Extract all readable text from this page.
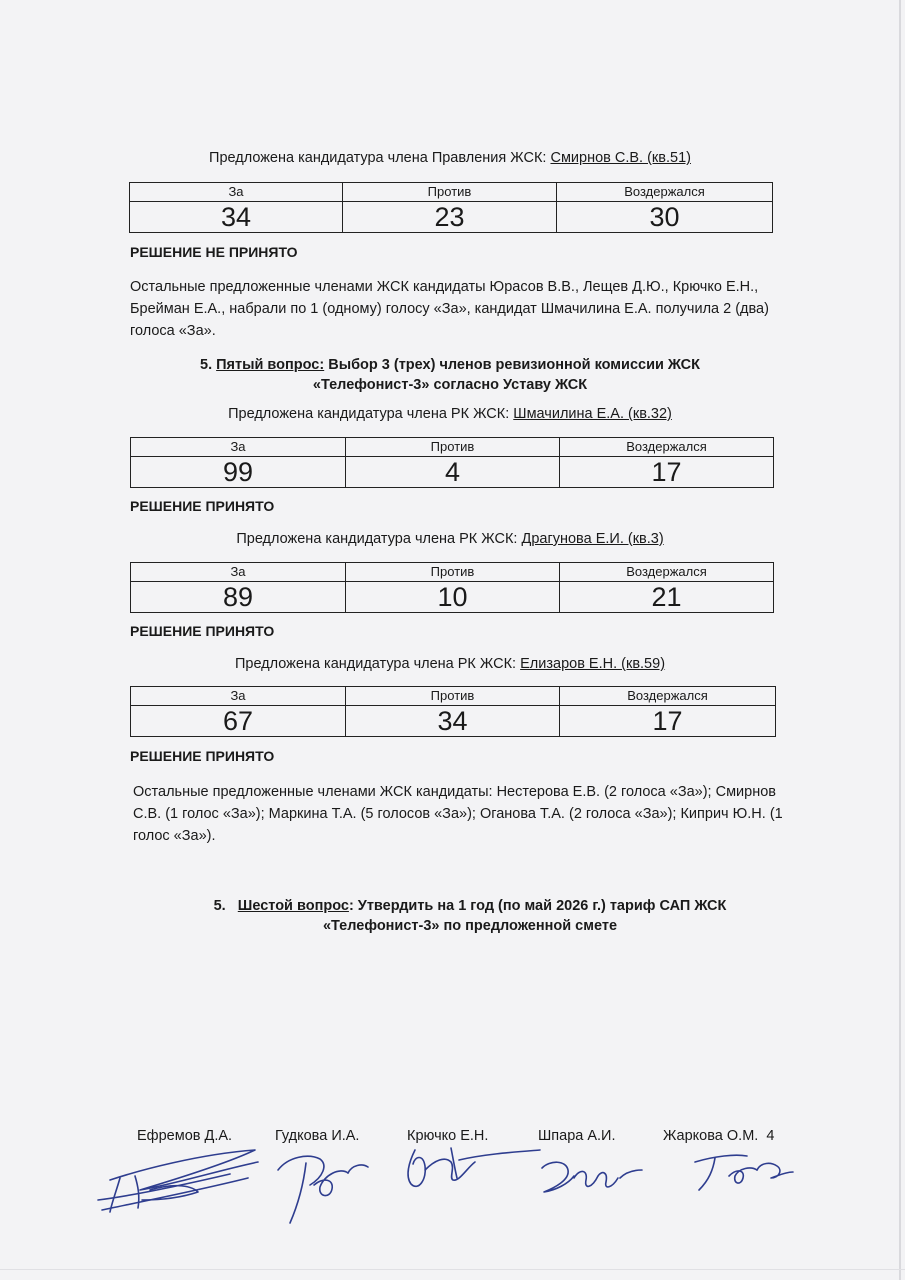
Предложена кандидатура члена Правления ЖСК: Смирнов С.В. (кв.51)
За	Против	Воздержался
34	23	30
РЕШЕНИЕ НЕ ПРИНЯТО
Остальные предложенные членами ЖСК кандидаты Юрасов В.В., Лещев Д.Ю., Крючко Е.Н., Брейман Е.А., набрали по 1 (одному) голосу «За», кандидат Шмачилина Е.А. получила 2 (два) голоса «За».
5. Пятый вопрос: Выбор 3 (трех) членов ревизионной комиссии ЖСК «Телефонист-3» согласно Уставу ЖСК
Предложена кандидатура члена РК ЖСК: Шмачилина Е.А. (кв.32)
За	Против	Воздержался
99	4	17
РЕШЕНИЕ ПРИНЯТО
Предложена кандидатура члена РК ЖСК: Драгунова Е.И. (кв.3)
За	Против	Воздержался
89	10	21
РЕШЕНИЕ ПРИНЯТО
Предложена кандидатура члена РК ЖСК: Елизаров Е.Н. (кв.59)
За	Против	Воздержался
67	34	17
РЕШЕНИЕ ПРИНЯТО
Остальные предложенные членами ЖСК кандидаты: Нестерова Е.В. (2 голоса «За»); Смирнов С.В. (1 голос «За»); Маркина Т.А. (5 голосов «За»); Оганова Т.А. (2 голоса «За»); Киприч Ю.Н. (1 голос «За»).
5. Шестой вопрос: Утвердить на 1 год (по май 2026 г.) тариф САП ЖСК «Телефонист-3» по предложенной смете
Ефремов Д.А.	Гудкова И.А.	Крючко Е.Н.	Шпара А.И.	Жаркова О.М. 4
